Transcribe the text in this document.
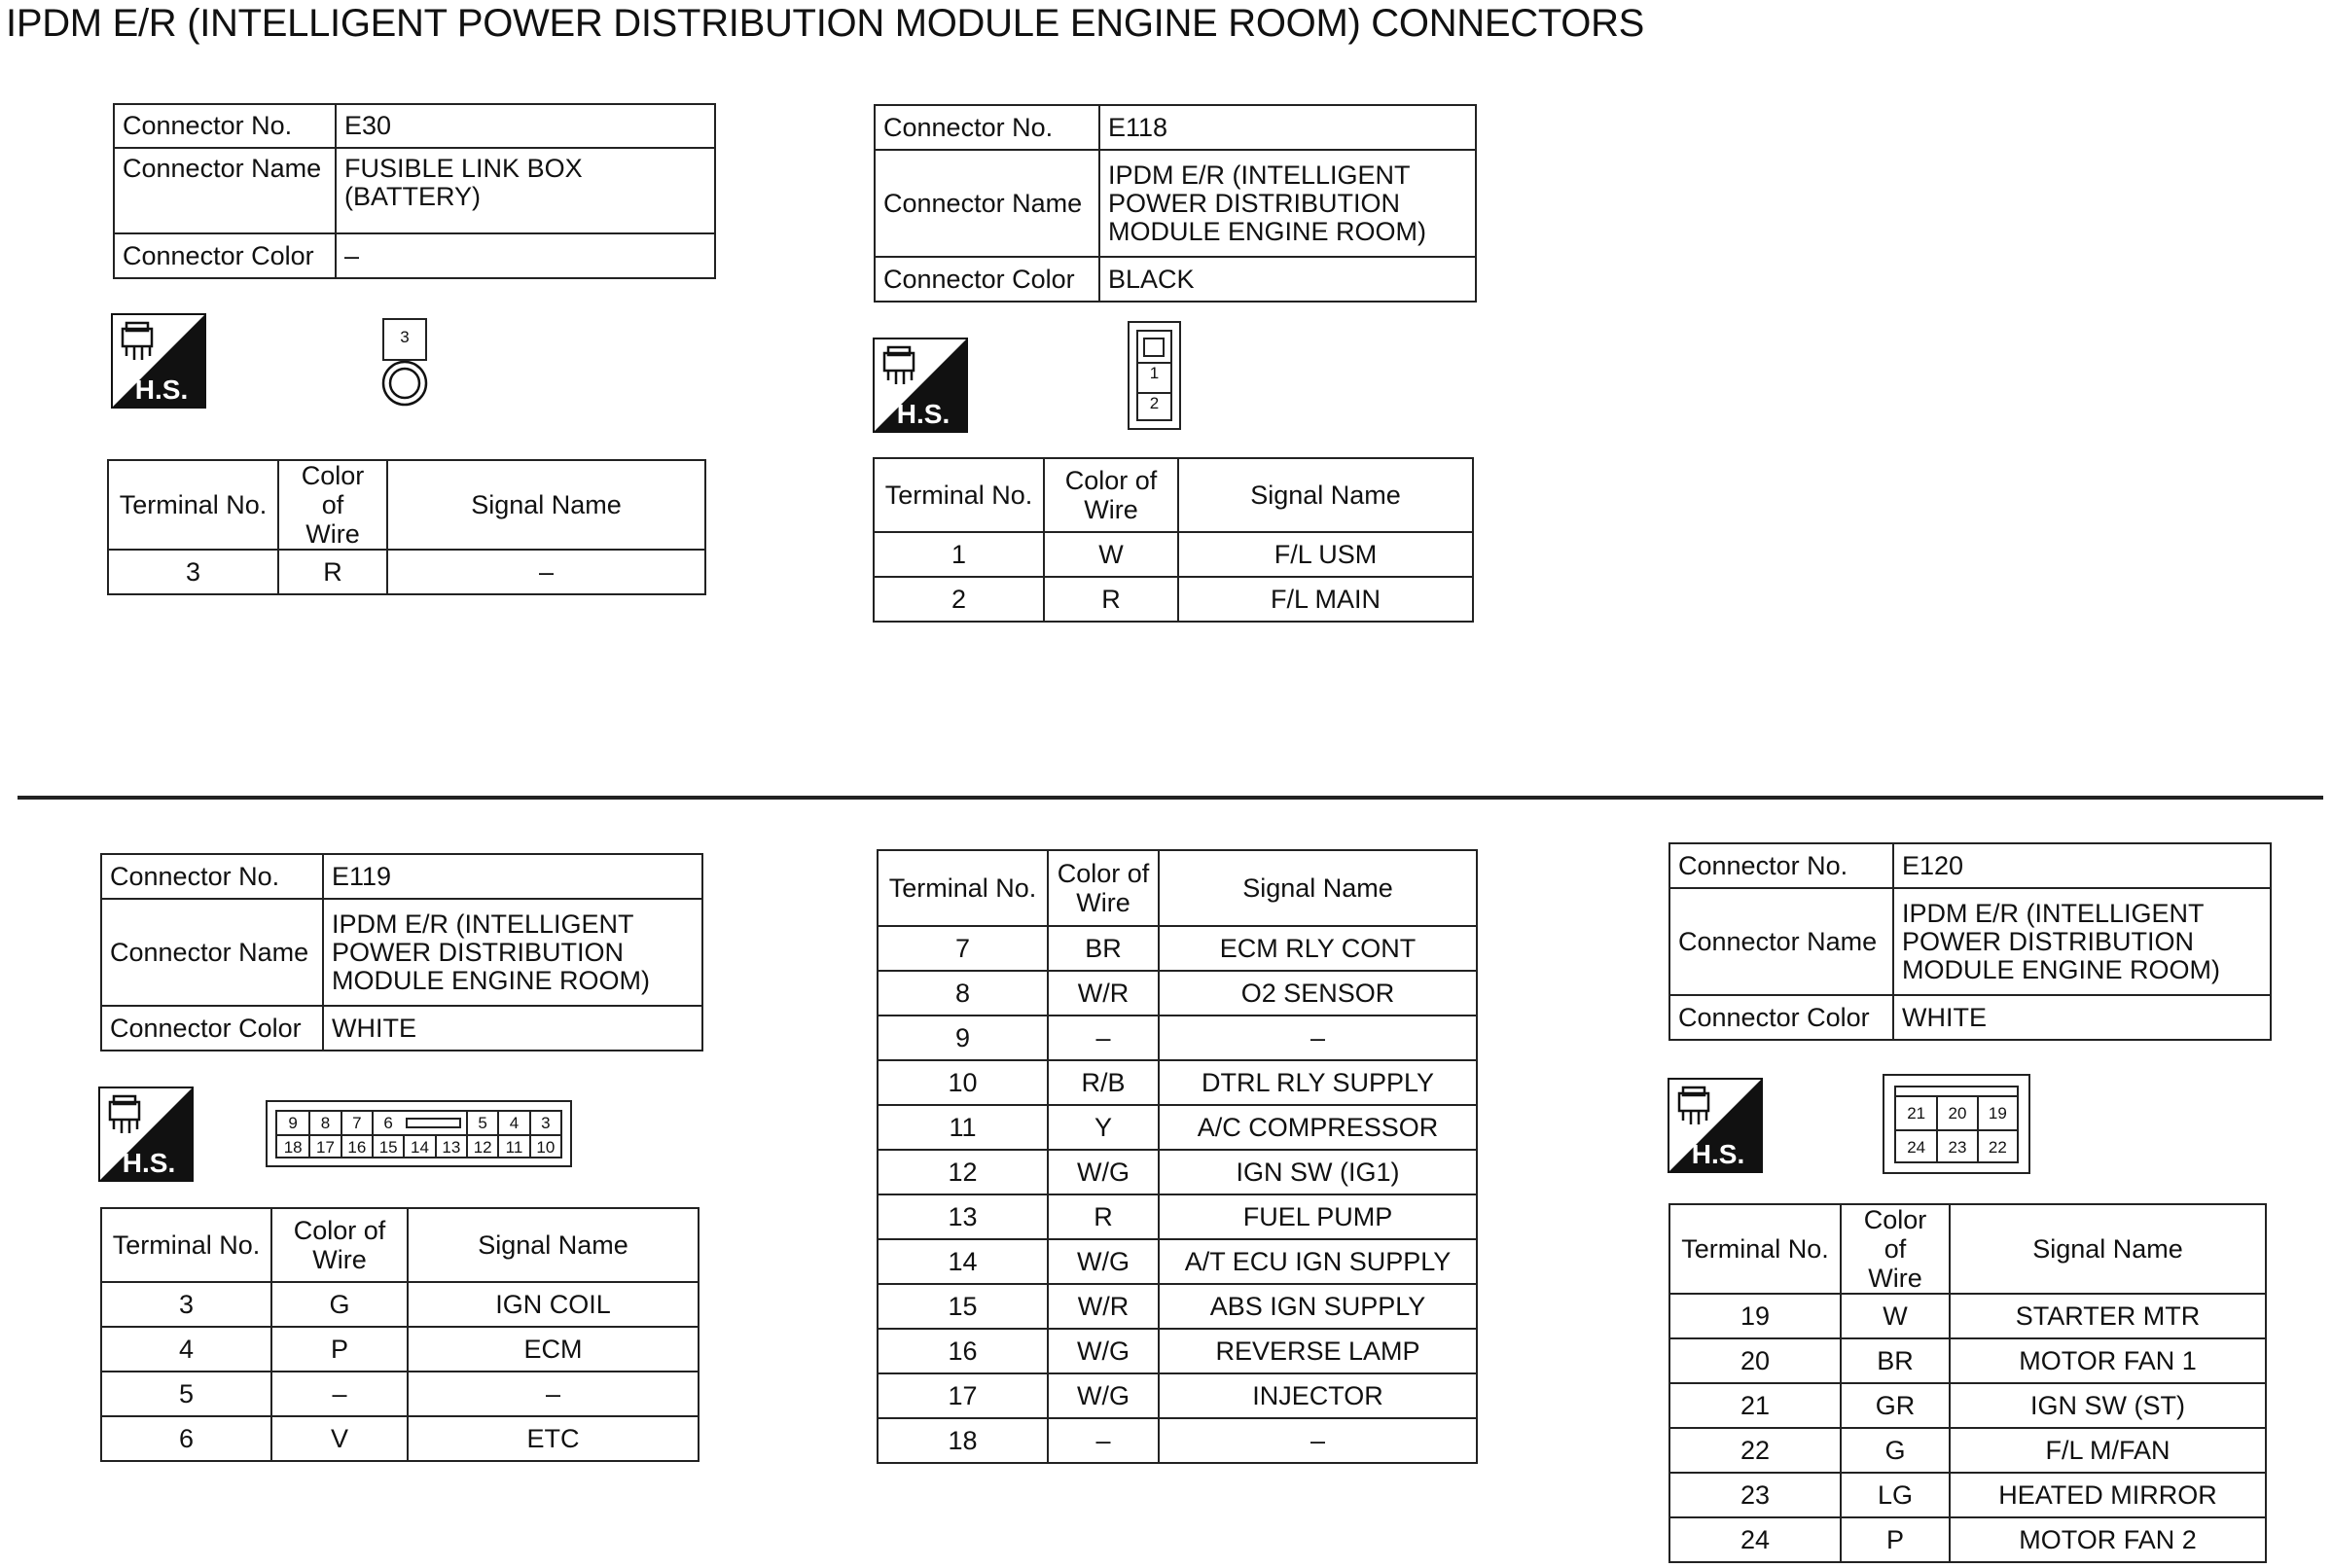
IPDM E/R (INTELLIGENT POWER DISTRIBUTION MODULE ENGINE ROOM) CONNECTORS
Connector No.	E30
Connector Name	FUSIBLE LINK BOX
(BATTERY)

Connector Color	–
H.S.
3
Terminal No.	Color of
Wire	Signal Name
3	R	–
Connector No.	E118
Connector Name	IPDM E/R (INTELLIGENT
POWER DISTRIBUTION
MODULE ENGINE ROOM)

Connector Color	BLACK
H.S.
1
2
Terminal No.	Color of
Wire	Signal Name
1	W	F/L USM
2	R	F/L MAIN
Connector No.	E119
Connector Name	IPDM E/R (INTELLIGENT
POWER DISTRIBUTION
MODULE ENGINE ROOM)

Connector Color	WHITE
H.S.
9	8	7	6	5	4	3
18 17 16 15 14 13 12 11 10
Terminal No.	Color of
Wire	Signal Name
3	G	IGN COIL
4	P	ECM
5	–	–
6	V	ETC
Terminal No.	Color of
Wire	Signal Name
7	BR	ECM RLY CONT
8	W/R	O2 SENSOR
9	–	–
10	R/B	DTRL RLY SUPPLY
11	Y	A/C COMPRESSOR
12	W/G	IGN SW (IG1)
13	R	FUEL PUMP
14	W/G	A/T ECU IGN SUPPLY
15	W/R	ABS IGN SUPPLY
16	W/G	REVERSE LAMP
17	W/G	INJECTOR
18	–	–
Connector No.	E120
Connector Name	IPDM E/R (INTELLIGENT
POWER DISTRIBUTION
MODULE ENGINE ROOM)

Connector Color	WHITE
H.S.
21	20	19
24	23	22
Terminal No.	Color of
Wire	Signal Name
19	W	STARTER MTR
20	BR	MOTOR FAN 1
21	GR	IGN SW (ST)
22	G	F/L M/FAN
23	LG	HEATED MIRROR
24	P	MOTOR FAN 2
